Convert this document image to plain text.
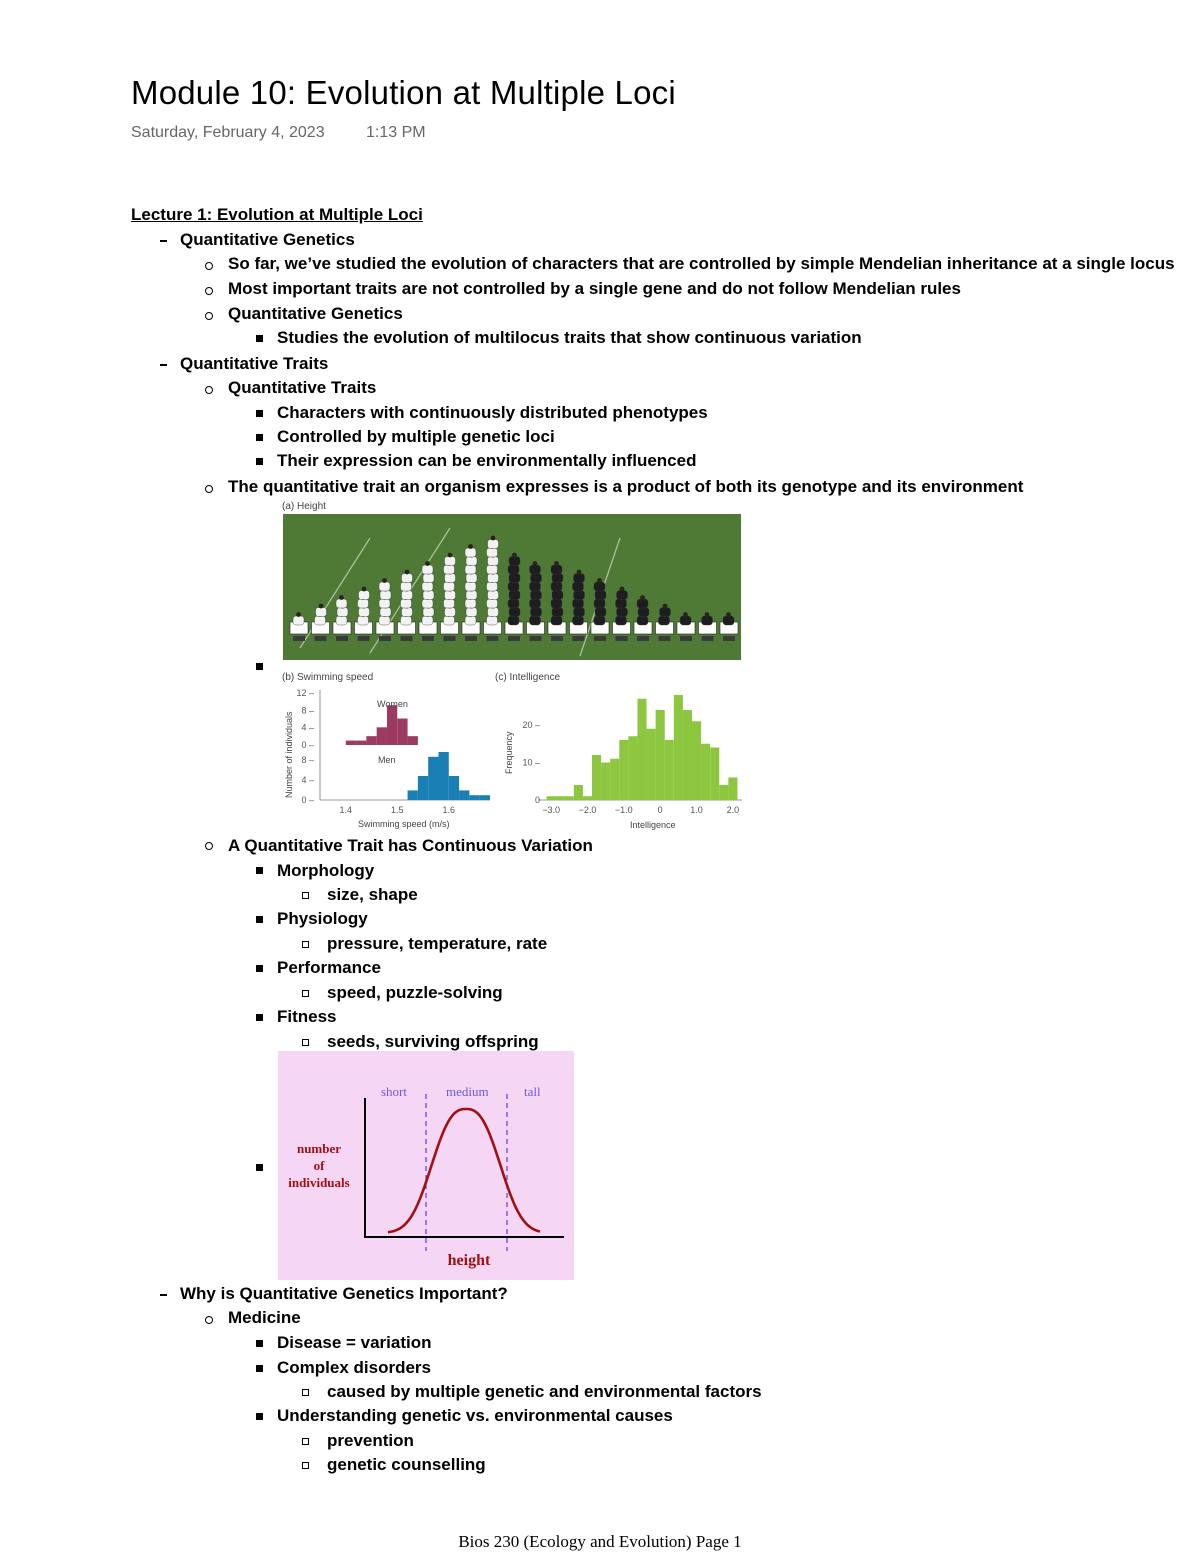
Module 10: Evolution at Multiple Loci
Saturday, February 4, 2023	1:13 PM
Lecture 1: Evolution at Multiple Loci
Quantitative Genetics
So far, we’ve studied the evolution of characters that are controlled by simple Mendelian inheritance at a single locus
Most important traits are not controlled by a single gene and do not follow Mendelian rules
Quantitative Genetics
Studies the evolution of multilocus traits that show continuous variation
Quantitative Traits
Quantitative Traits
Characters with continuously distributed phenotypes
Controlled by multiple genetic loci
Their expression can be environmentally influenced
The quantitative trait an organism expresses is a product of both its genotype and its environment
(a) Height
(b) Swimming speed
Number of individuals
12 –
8 –
4 –
0 –
8 –
4 –
0 –
1.4	1.5	1.6
Women
Men
Swimming speed (m/s)
(c) Intelligence
Frequency
20 –
10 –
0
−3.0 −2.0 −1.0	0	1.0	2.0
Intelligence
A Quantitative Trait has Continuous Variation
Morphology
size, shape
Physiology
pressure, temperature, rate
Performance
speed, puzzle-solving
Fitness
seeds, surviving offspring
short	medium	tall
number
of
individuals
height
Why is Quantitative Genetics Important?
Medicine
Disease = variation
Complex disorders
caused by multiple genetic and environmental factors
Understanding genetic vs. environmental causes
prevention
genetic counselling
Bios 230 (Ecology and Evolution) Page 1
